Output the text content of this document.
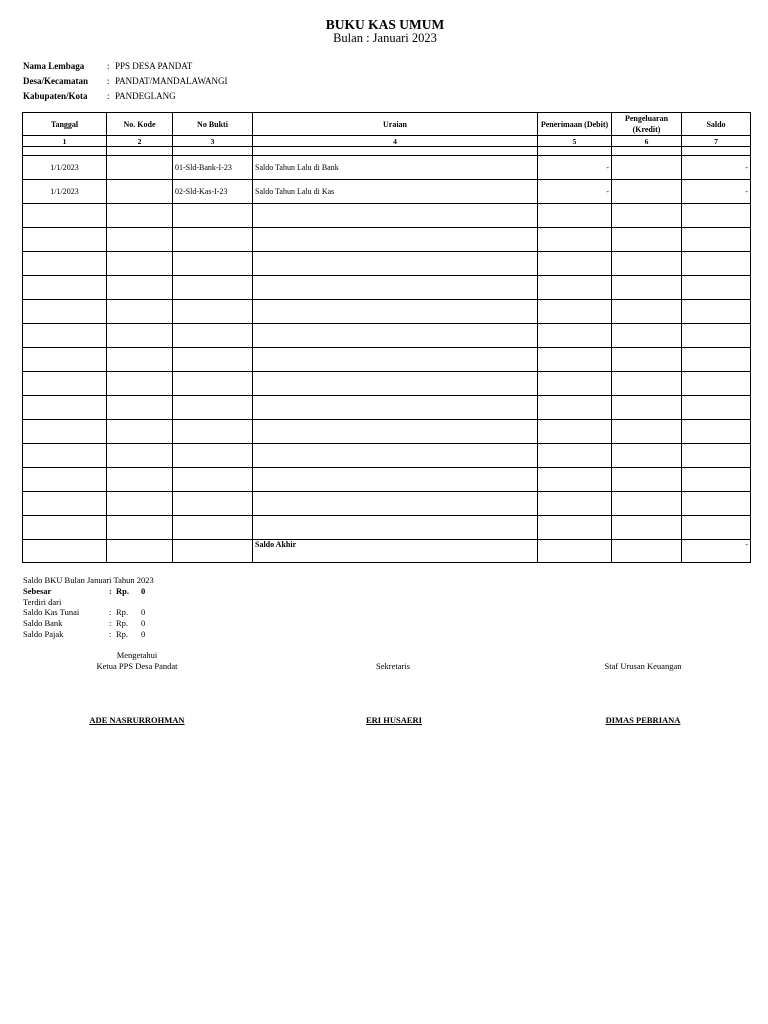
BUKU KAS UMUM
Bulan : Januari 2023
Nama Lembaga	: PPS DESA PANDAT
Desa/Kecamatan	: PANDAT/MANDALAWANGI
Kabupaten/Kota	: PANDEGLANG
Tanggal	No. Kode	No Bukti	Uraian	Penerimaan (Debit)	Pengeluaran (Kredit)	Saldo
1	2	3	4	5	6	7

1/1/2023		01-Sld-Bank-I-23	Saldo Tahun Lalu di Bank	-		-
1/1/2023		02-Sld-Kas-I-23	Saldo Tahun Lalu di Kas	-		-

			Saldo Akhir			-
Saldo BKU Bulan Januari Tahun 2023
Sebesar	: Rp. 0
Terdiri dari
Saldo Kas Tunai	: Rp. 0
Saldo Bank	: Rp. 0
Saldo Pajak	: Rp. 0
Mengetahui
Ketua PPS Desa Pandat	Sekretaris	Staf Urusan Keuangan
ADE NASRURROHMAN	ERI HUSAERI	DIMAS PEBRIANA
